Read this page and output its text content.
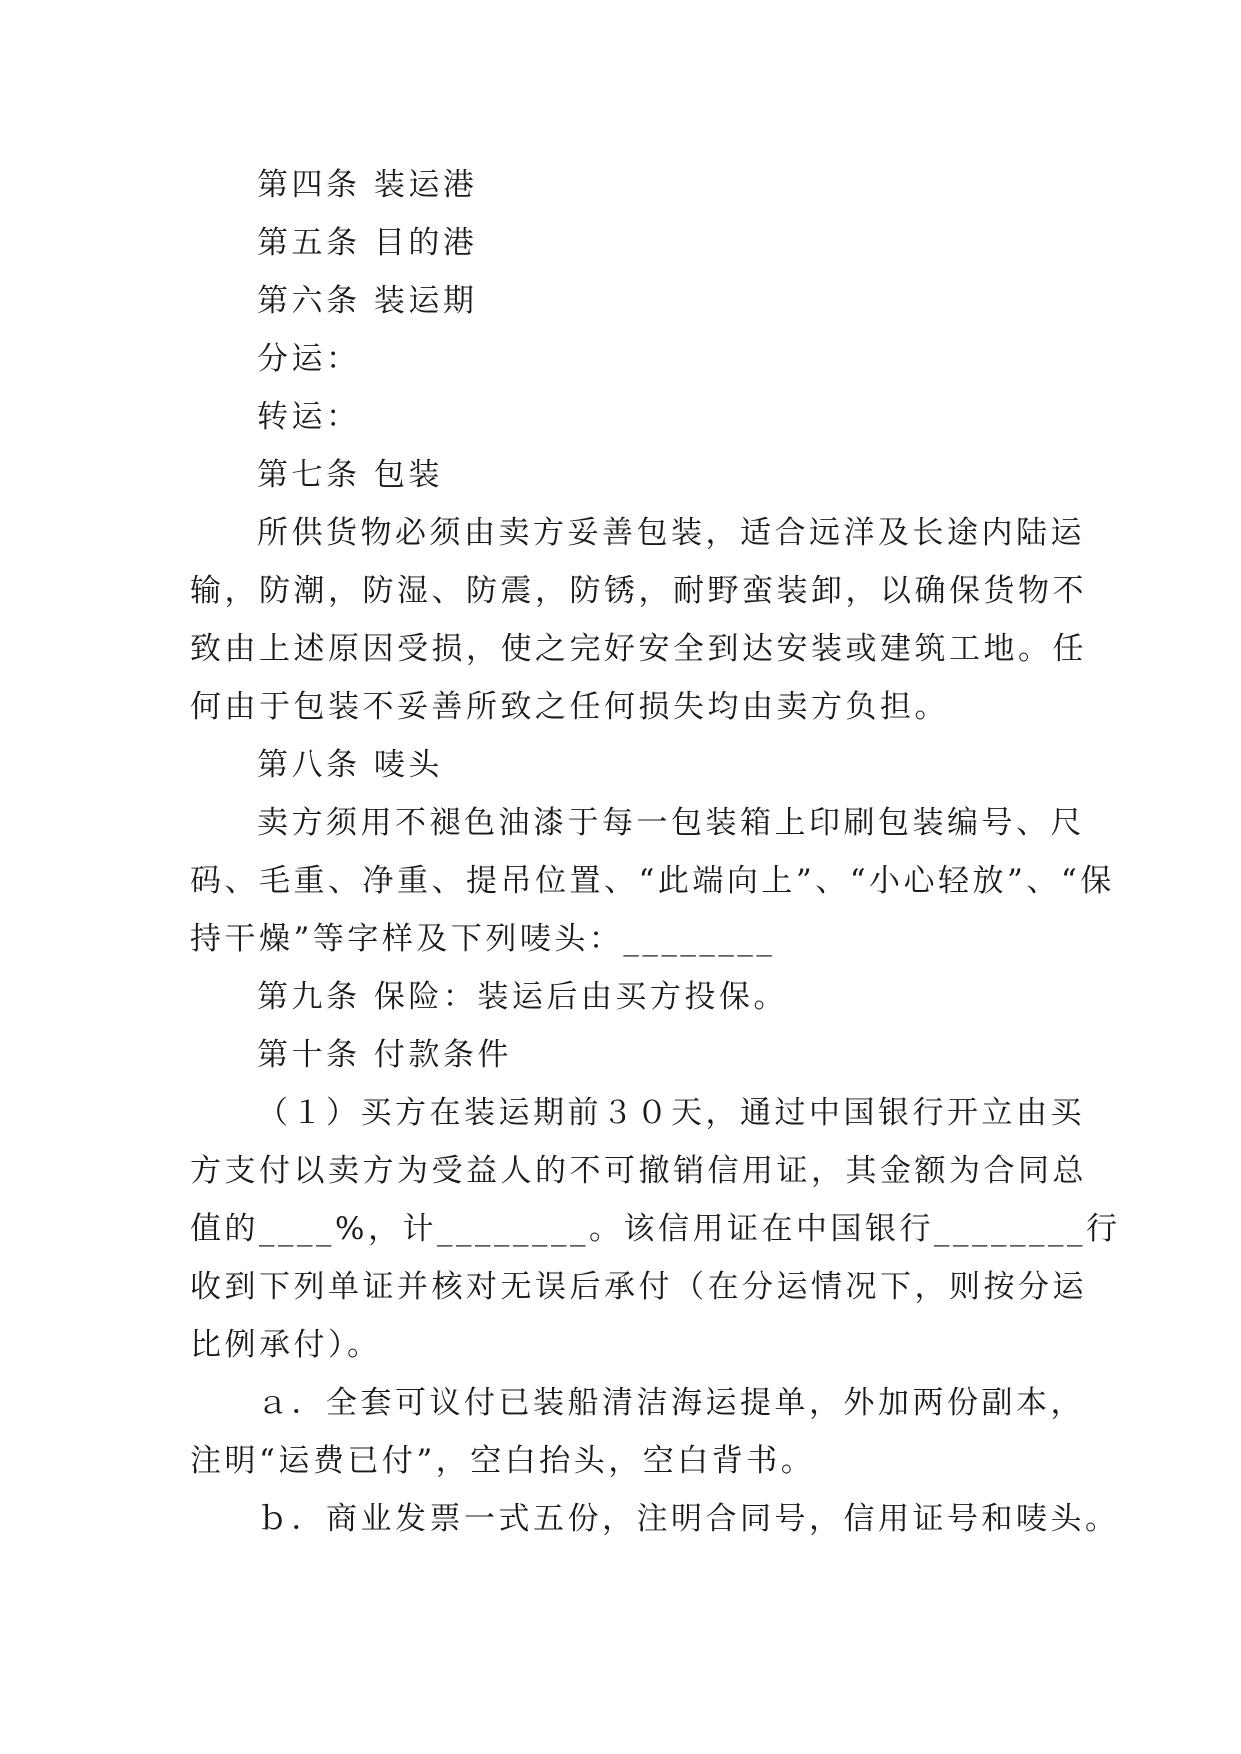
第四条 装运港
第五条 目的港
第六条 装运期
分运：
转运：
第七条 包装
所供货物必须由卖方妥善包装，适合远洋及长途内陆运
输，防潮，防湿、防震，防锈，耐野蛮装卸，以确保货物不
致由上述原因受损，使之完好安全到达安装或建筑工地。任
何由于包装不妥善所致之任何损失均由卖方负担。
第八条 唛头
卖方须用不褪色油漆于每一包装箱上印刷包装编号、尺
码、毛重、净重、提吊位置、“此端向上”、“小心轻放”、“保
持干燥”等字样及下列唛头：________
第九条 保险：装运后由买方投保。
第十条 付款条件
（１）买方在装运期前３０天，通过中国银行开立由买
方支付以卖方为受益人的不可撤销信用证，其金额为合同总
值的____%，计________。该信用证在中国银行________行
收到下列单证并核对无误后承付（在分运情况下，则按分运
比例承付）。
ａ．全套可议付已装船清洁海运提单，外加两份副本，
注明“运费已付”，空白抬头，空白背书。
ｂ．商业发票一式五份，注明合同号，信用证号和唛头。
